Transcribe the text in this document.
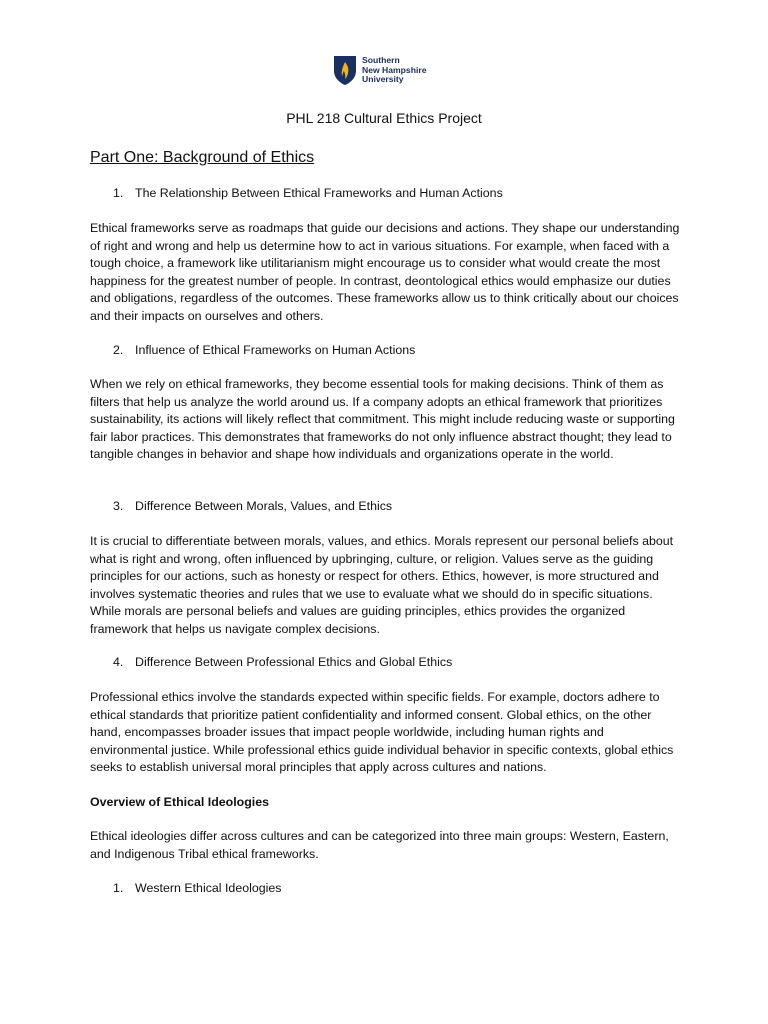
Southern
New Hampshire
University
PHL 218 Cultural Ethics Project
Part One: Background of Ethics
1. The Relationship Between Ethical Frameworks and Human Actions
Ethical frameworks serve as roadmaps that guide our decisions and actions. They shape our understanding of right and wrong and help us determine how to act in various situations. For example, when faced with a tough choice, a framework like utilitarianism might encourage us to consider what would create the most happiness for the greatest number of people. In contrast, deontological ethics would emphasize our duties and obligations, regardless of the outcomes. These frameworks allow us to think critically about our choices and their impacts on ourselves and others.
2. Influence of Ethical Frameworks on Human Actions
When we rely on ethical frameworks, they become essential tools for making decisions. Think of them as filters that help us analyze the world around us. If a company adopts an ethical framework that prioritizes sustainability, its actions will likely reflect that commitment. This might include reducing waste or supporting fair labor practices. This demonstrates that frameworks do not only influence abstract thought; they lead to tangible changes in behavior and shape how individuals and organizations operate in the world.
3. Difference Between Morals, Values, and Ethics
It is crucial to differentiate between morals, values, and ethics. Morals represent our personal beliefs about what is right and wrong, often influenced by upbringing, culture, or religion. Values serve as the guiding principles for our actions, such as honesty or respect for others. Ethics, however, is more structured and involves systematic theories and rules that we use to evaluate what we should do in specific situations. While morals are personal beliefs and values are guiding principles, ethics provides the organized framework that helps us navigate complex decisions.
4. Difference Between Professional Ethics and Global Ethics
Professional ethics involve the standards expected within specific fields. For example, doctors adhere to ethical standards that prioritize patient confidentiality and informed consent. Global ethics, on the other hand, encompasses broader issues that impact people worldwide, including human rights and environmental justice. While professional ethics guide individual behavior in specific contexts, global ethics seeks to establish universal moral principles that apply across cultures and nations.
Overview of Ethical Ideologies
Ethical ideologies differ across cultures and can be categorized into three main groups: Western, Eastern, and Indigenous Tribal ethical frameworks.
1. Western Ethical Ideologies
